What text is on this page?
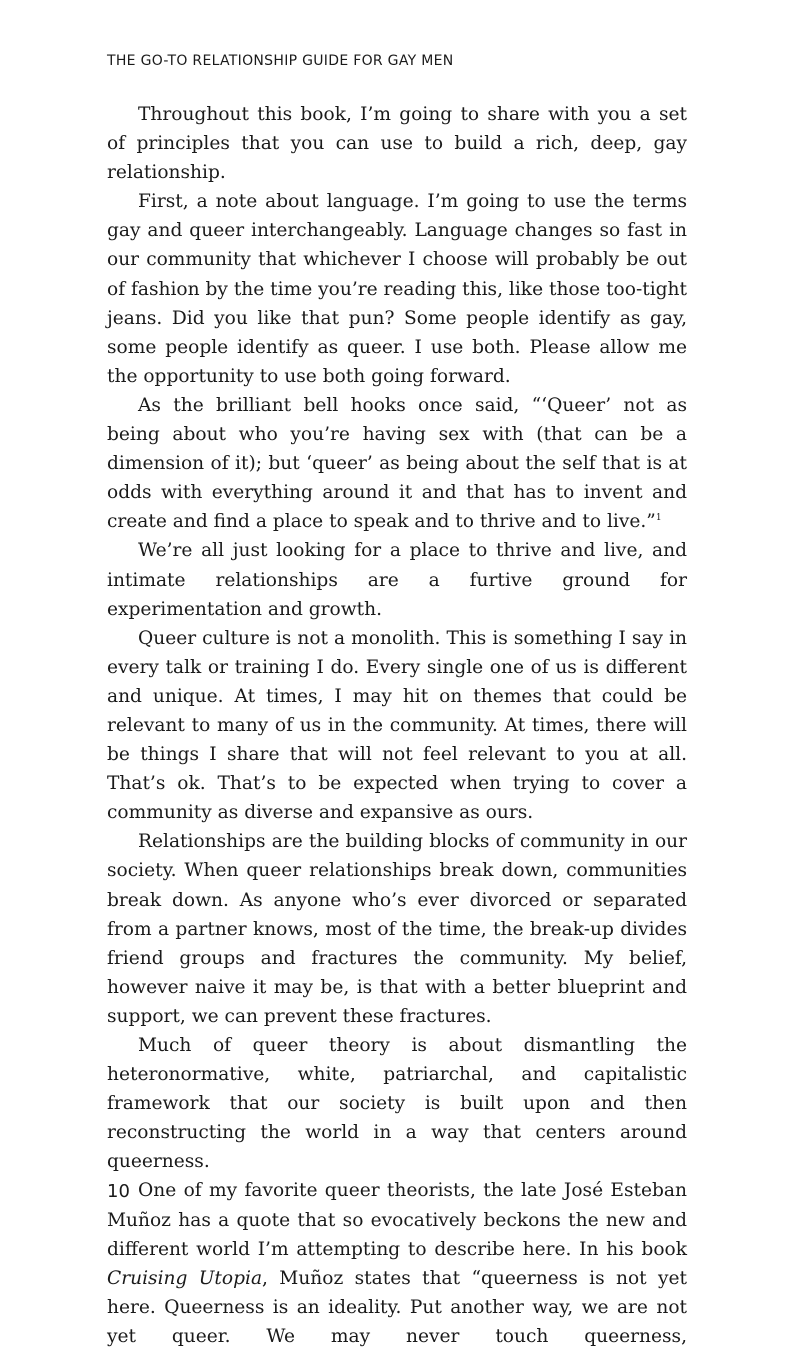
THE GO-TO RELATIONSHIP GUIDE FOR GAY MEN

Throughout this book, I’m going to share with you a set of principles that you can use to build a rich, deep, gay relationship.

First, a note about language. I’m going to use the terms gay and queer interchangeably. Language changes so fast in our community that whichever I choose will probably be out of fashion by the time you’re reading this, like those too-tight jeans. Did you like that pun? Some people identify as gay, some people identify as queer. I use both. Please allow me the opportunity to use both going forward.

As the brilliant bell hooks once said, “‘Queer’ not as being about who you’re having sex with (that can be a dimension of it); but ‘queer’ as being about the self that is at odds with everything around it and that has to invent and create and find a place to speak and to thrive and to live.”$^1$

We’re all just looking for a place to thrive and live, and intimate relationships are a furtive ground for experimentation and growth.

Queer culture is not a monolith. This is something I say in every talk or training I do. Every single one of us is different and unique. At times, I may hit on themes that could be relevant to many of us in the community. At times, there will be things I share that will not feel relevant to you at all. That’s ok. That’s to be expected when trying to cover a community as diverse and expansive as ours.

Relationships are the building blocks of community in our society. When queer relationships break down, communities break down. As anyone who’s ever divorced or separated from a partner knows, most of the time, the break-up divides friend groups and fractures the community. My belief, however naive it may be, is that with a better blueprint and support, we can prevent these fractures.

Much of queer theory is about dismantling the heteronormative, white, patriarchal, and capitalistic framework that our society is built upon and then reconstructing the world in a way that centers around queerness.

One of my favorite queer theorists, the late José Esteban Muñoz has a quote that so evocatively beckons the new and different world I’m attempting to describe here. In his book Cruising Utopia, Muñoz states that “queerness is not yet here. Queerness is an ideality. Put another way, we are not yet queer. We may never touch queerness,

10
